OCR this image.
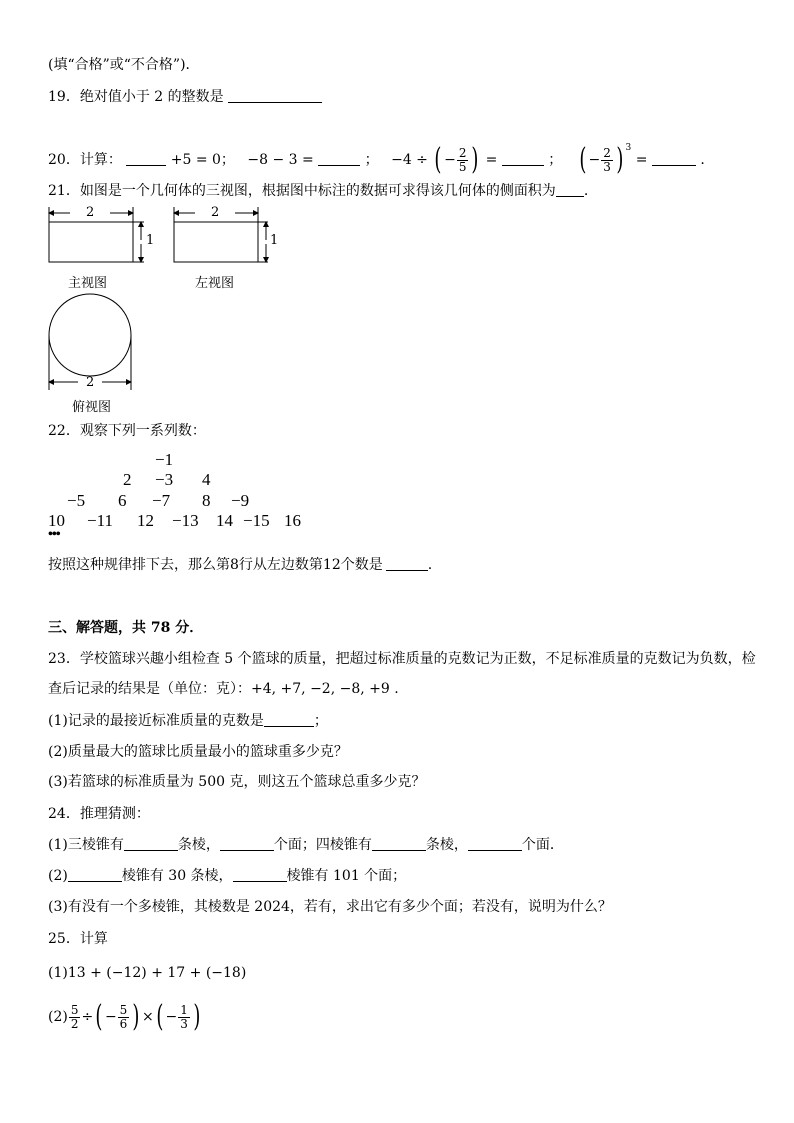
(填“合格”或“不合格”)．
19．绝对值小于 2 的整数是
20．计算：	+5 = 0； −8 − 3 =	； −4 ÷ ( − $\frac{2}{5}$ ) =	； ( − $\frac{2}{3}$ ) $^3$ =	.
21．如图是一个几何体的三视图，根据图中标注的数据可求得该几何体的侧面积为 .
2
1
2
1
2
主视图	左视图
俯视图
22．观察下列一系列数：
−1
2 −3 4
−5 6 −7 8 −9
10 −11 12 −13 14 −15 16
•••
按照这种规律排下去，那么第8行从左边数第12个数是	.
三、解答题，共 78 分．
23．学校篮球兴趣小组检查 5 个篮球的质量，把超过标准质量的克数记为正数，不足标准质量的克数记为负数，检
查后记录的结果是（单位：克）：+4, +7, −2, −8, +9 .
(1)记录的最接近标准质量的克数是	；
(2)质量最大的篮球比质量最小的篮球重多少克？
(3)若篮球的标准质量为 500 克，则这五个篮球总重多少克？
24．推理猜测：
(1)三棱锥有	条棱，	个面；四棱锥有	条棱，	个面．
(2)	棱锥有 30 条棱，	棱锥有 101 个面；
(3)有没有一个多棱锥，其棱数是 2024，若有，求出它有多少个面；若没有，说明为什么？
25．计算
(1)13 + (−12) + 17 + (−18)
$(2) \frac{5}{2}$ ÷( − $\frac{5}{6}$ ) ×( − $\frac{1}{3}$ )
